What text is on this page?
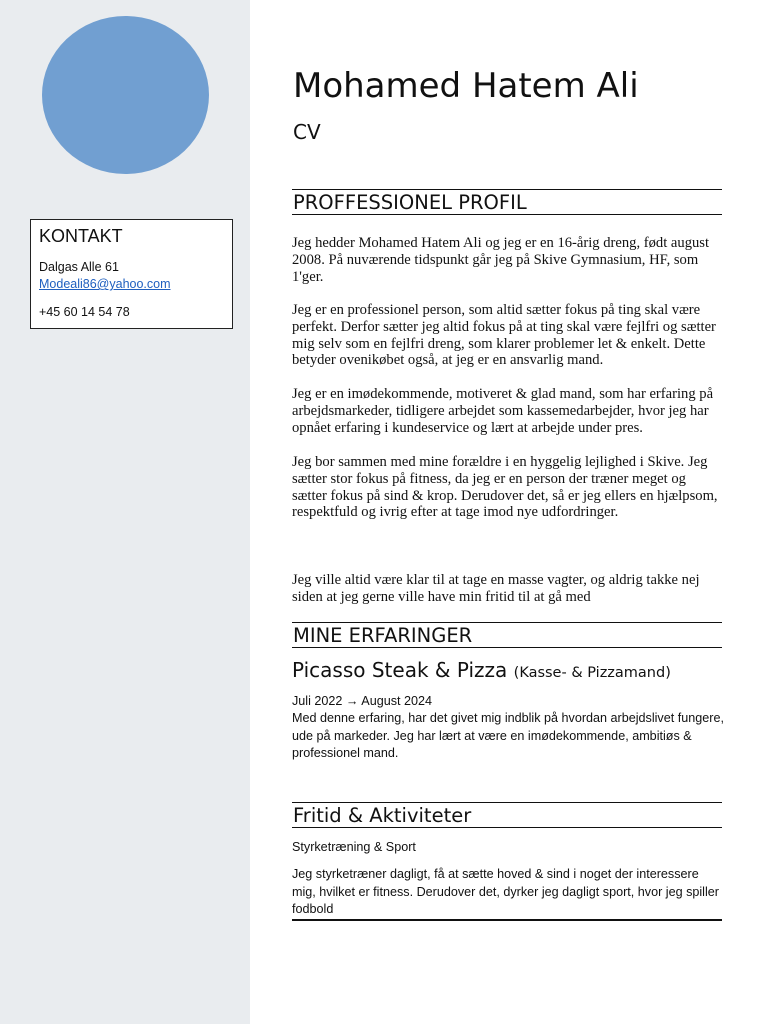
KONTAKT
Dalgas Alle 61
Modeali86@yahoo.com
+45 60 14 54 78
Mohamed Hatem Ali
CV
PROFFESSIONEL PROFIL

Jeg hedder Mohamed Hatem Ali og jeg er en 16-årig dreng, født august 2008. På nuværende tidspunkt går jeg på Skive Gymnasium, HF, som 1'ger.

Jeg er en professionel person, som altid sætter fokus på ting skal være perfekt. Derfor sætter jeg altid fokus på at ting skal være fejlfri og sætter mig selv som en fejlfri dreng, som klarer problemer let & enkelt. Dette betyder ovenikøbet også, at jeg er en ansvarlig mand.

Jeg er en imødekommende, motiveret & glad mand, som har erfaring på arbejdsmarkeder, tidligere arbejdet som kassemedarbejder, hvor jeg har opnået erfaring i kundeservice og lært at arbejde under pres.

Jeg bor sammen med mine forældre i en hyggelig lejlighed i Skive. Jeg sætter stor fokus på fitness, da jeg er en person der træner meget og sætter fokus på sind & krop. Derudover det, så er jeg ellers en hjælpsom, respektfuld og ivrig efter at tage imod nye udfordringer.

Jeg ville altid være klar til at tage en masse vagter, og aldrig takke nej siden at jeg gerne ville have min fritid til at gå med

MINE ERFARINGER
Picasso Steak & Pizza (Kasse- & Pizzamand)

Juli 2022 → August 2024

Med denne erfaring, har det givet mig indblik på hvordan arbejdslivet fungere, ude på markeder. Jeg har lært at være en imødekommende, ambitiøs & professionel mand.

Fritid & Aktiviteter

Styrketræning & Sport

Jeg styrketræner dagligt, få at sætte hoved & sind i noget der interessere mig, hvilket er fitness. Derudover det, dyrker jeg dagligt sport, hvor jeg spiller fodbold
